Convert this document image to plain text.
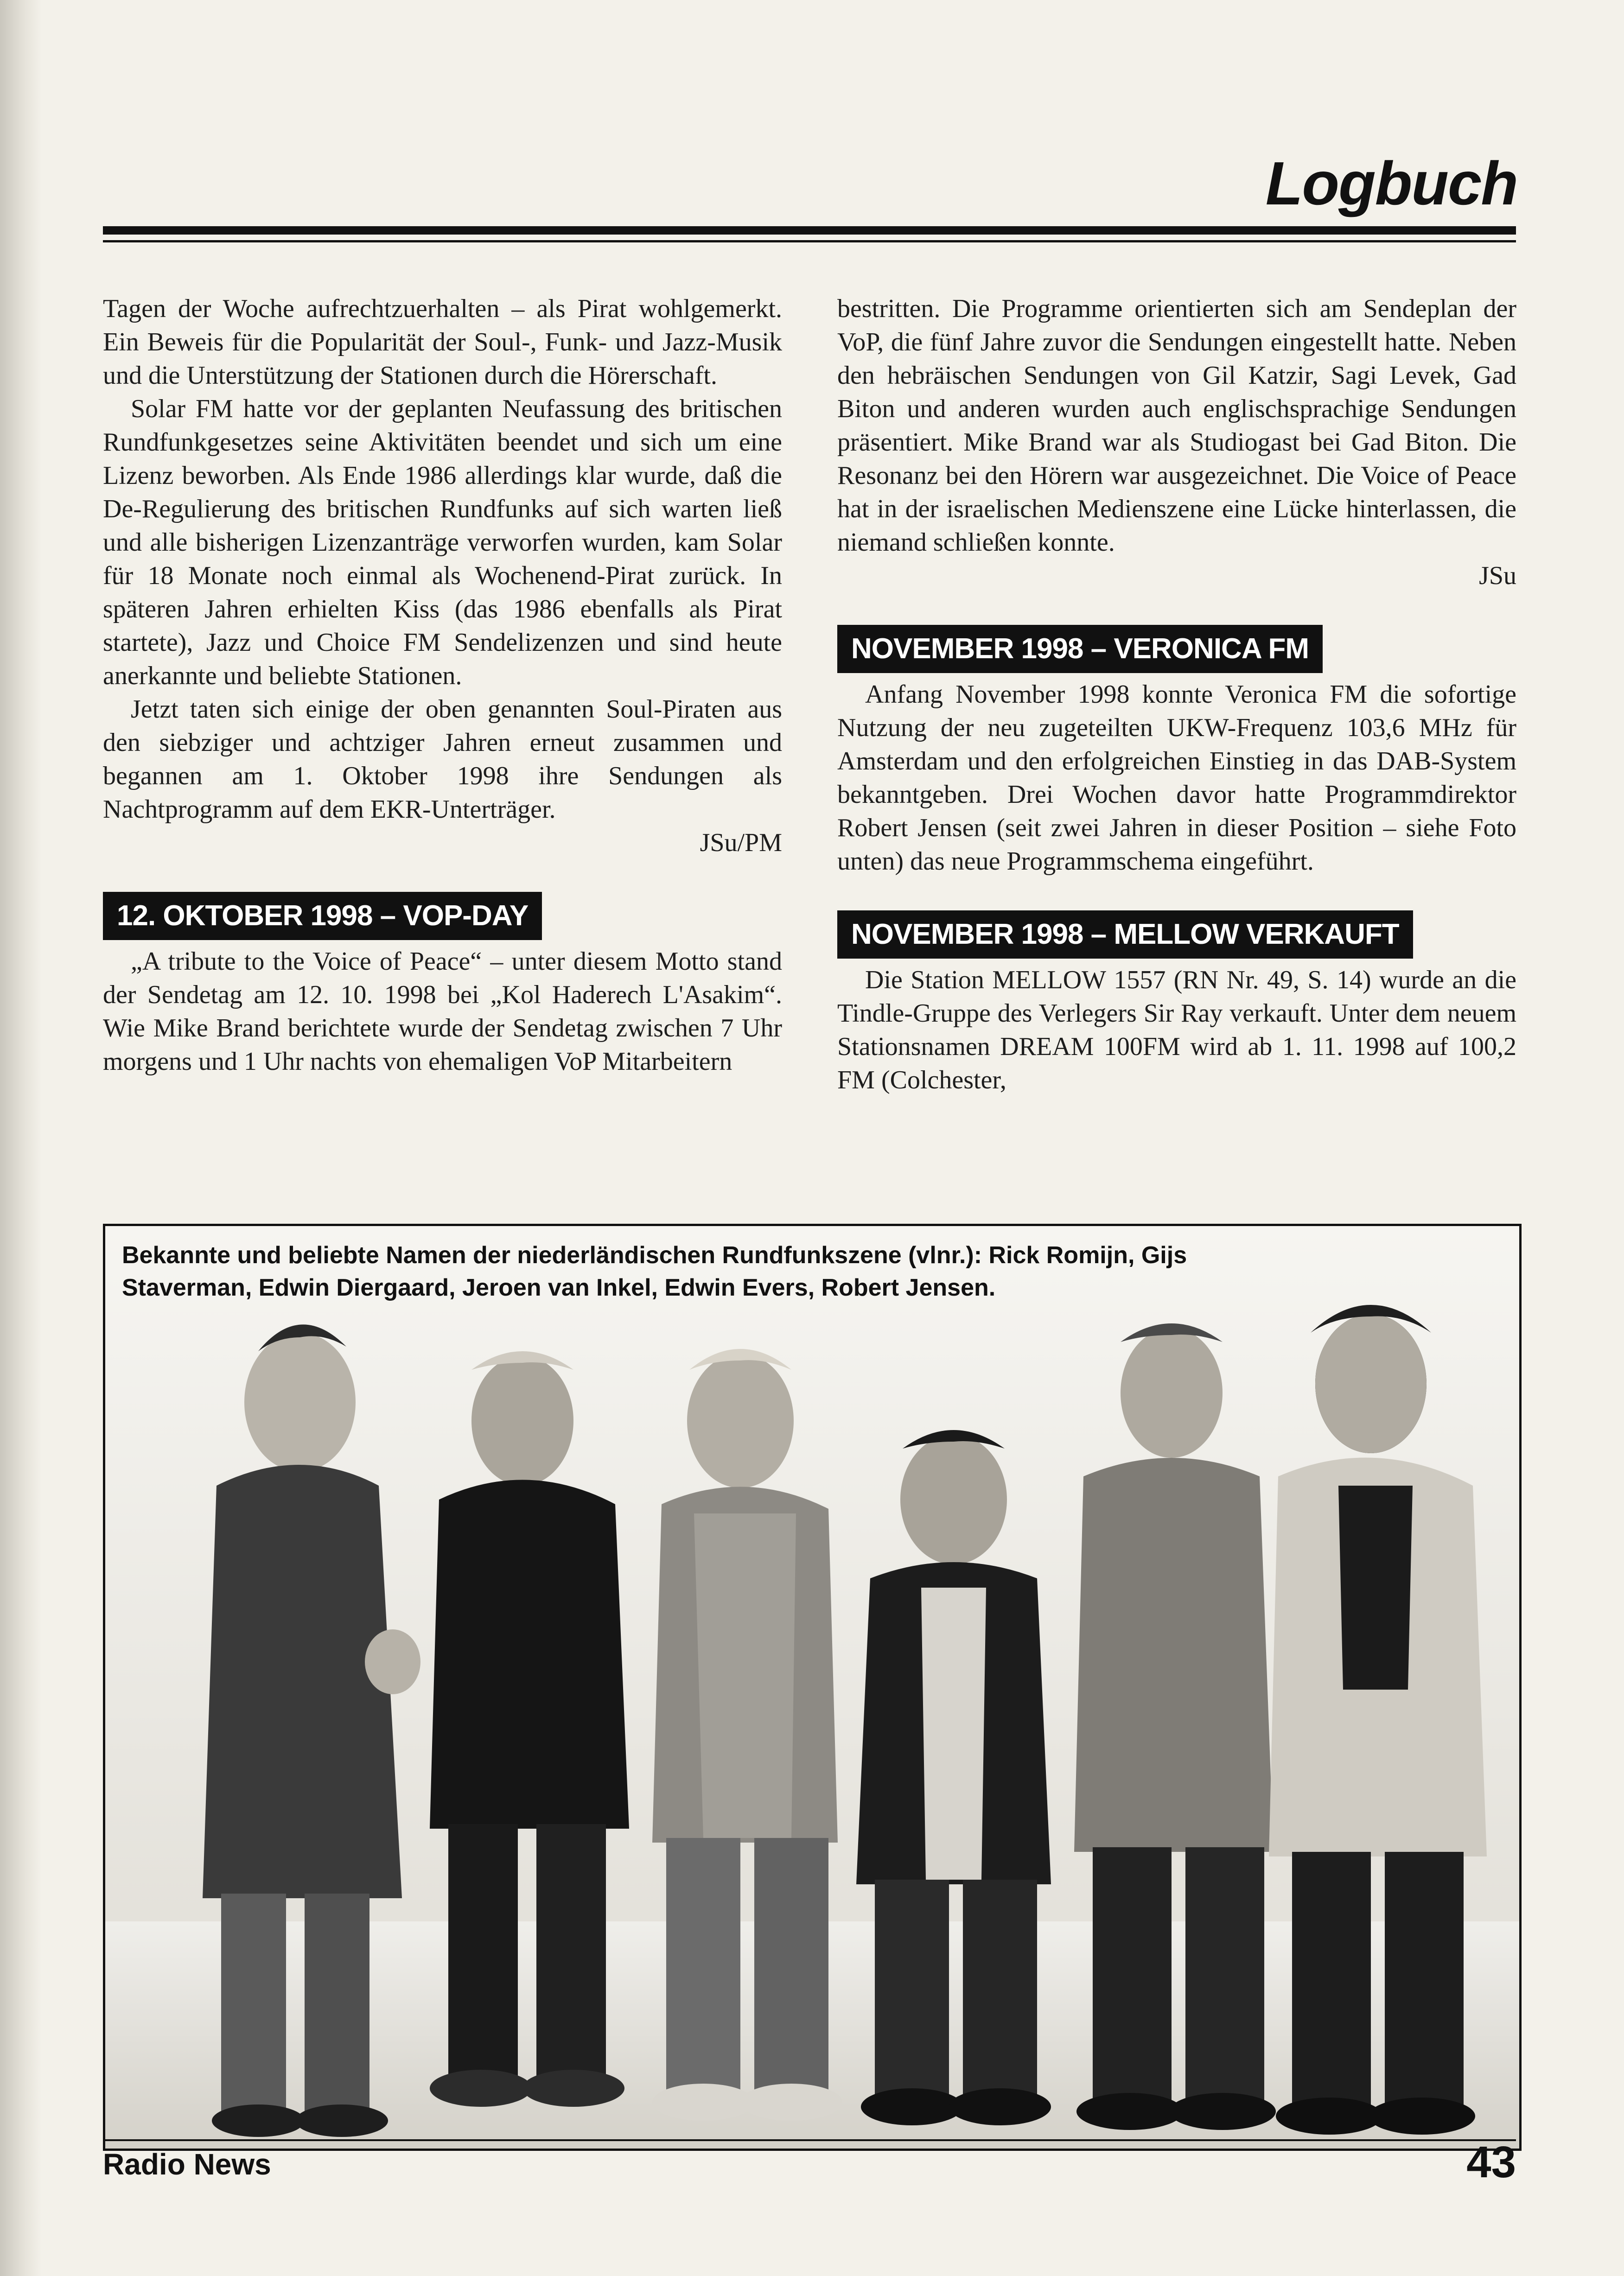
Logbuch

Tagen der Woche aufrechtzuerhalten – als Pirat wohlgemerkt. Ein Beweis für die Popularität der Soul-, Funk- und Jazz-Musik und die Unterstützung der Stationen durch die Hörerschaft.

Solar FM hatte vor der geplanten Neufassung des britischen Rundfunkgesetzes seine Aktivitäten beendet und sich um eine Lizenz beworben. Als Ende 1986 allerdings klar wurde, daß die De-Regulierung des britischen Rundfunks auf sich warten ließ und alle bisherigen Lizenzanträge verworfen wurden, kam Solar für 18 Monate noch einmal als Wochenend-Pirat zurück. In späteren Jahren erhielten Kiss (das 1986 ebenfalls als Pirat startete), Jazz und Choice FM Sendelizenzen und sind heute anerkannte und beliebte Stationen.

Jetzt taten sich einige der oben genannten Soul-Piraten aus den siebziger und achtziger Jahren erneut zusammen und begannen am 1. Oktober 1998 ihre Sendungen als Nachtprogramm auf dem EKR-Unterträger.

JSu/PM

12. OKTOBER 1998 – VOP-DAY

„A tribute to the Voice of Peace“ – unter diesem Motto stand der Sendetag am 12. 10. 1998 bei „Kol Haderech L'Asakim“. Wie Mike Brand berichtete wurde der Sendetag zwischen 7 Uhr morgens und 1 Uhr nachts von ehemaligen VoP Mitarbeitern

bestritten. Die Programme orientierten sich am Sendeplan der VoP, die fünf Jahre zuvor die Sendungen eingestellt hatte. Neben den hebräischen Sendungen von Gil Katzir, Sagi Levek, Gad Biton und anderen wurden auch englischsprachige Sendungen präsentiert. Mike Brand war als Studiogast bei Gad Biton. Die Resonanz bei den Hörern war ausgezeichnet. Die Voice of Peace hat in der israelischen Medienszene eine Lücke hinterlassen, die niemand schließen konnte.

JSu

NOVEMBER 1998 – VERONICA FM

Anfang November 1998 konnte Veronica FM die sofortige Nutzung der neu zugeteilten UKW-Frequenz 103,6 MHz für Amsterdam und den erfolgreichen Einstieg in das DAB-System bekanntgeben. Drei Wochen davor hatte Programmdirektor Robert Jensen (seit zwei Jahren in dieser Position – siehe Foto unten) das neue Programmschema eingeführt.

NOVEMBER 1998 – MELLOW VERKAUFT

Die Station MELLOW 1557 (RN Nr. 49, S. 14) wurde an die Tindle-Gruppe des Verlegers Sir Ray verkauft. Unter dem neuem Stationsnamen DREAM 100FM wird ab 1. 11. 1998 auf 100,2 FM (Colchester,

Bekannte und beliebte Namen der niederländischen Rundfunkszene (vlnr.): Rick Romijn, Gijs Staverman, Edwin Diergaard, Jeroen van Inkel, Edwin Evers, Robert Jensen.
Radio News	43
